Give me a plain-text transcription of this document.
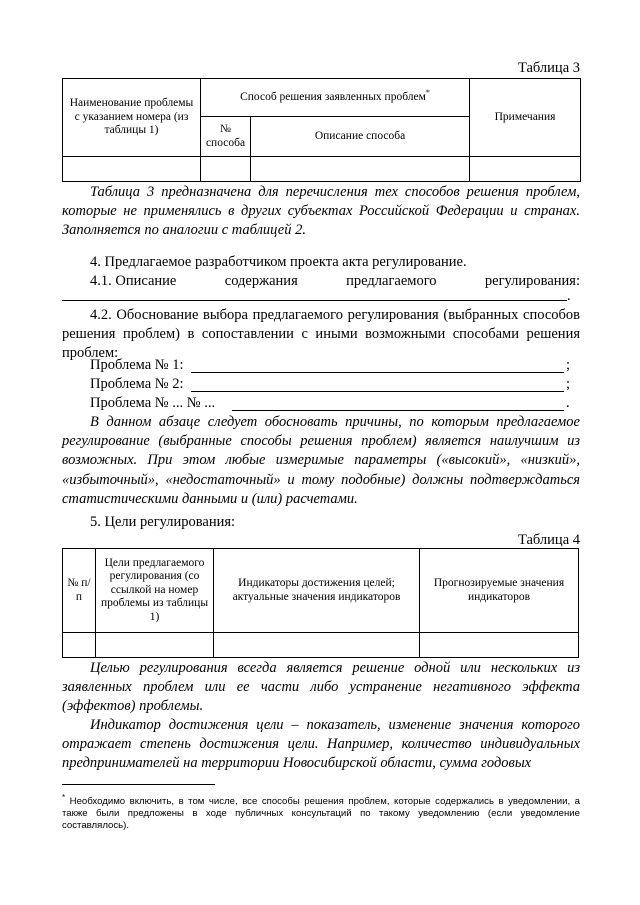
Таблица 3
Наименование проблемы с указанием номера (из таблицы 1)	Способ решения заявленных проблем*		Примечания
	№ способа	Описание способа	

Таблица 3 предназначена для перечисления тех способов решения проблем, которые не применялись в других субъектах Российской Федерации и странах. Заполняется по аналогии с таблицей 2.
4. Предлагаемое разработчиком проекта акта регулирование.
4.1. Описание	содержания	предлагаемого	регулирования:
.
4.2. Обоснование выбора предлагаемого регулирования (выбранных способов решения проблем) в сопоставлении с иными возможными способами решения проблем:
Проблема № 1:	;
Проблема № 2:	;
Проблема № ... № ...	.
В данном абзаце следует обосновать причины, по которым предлагаемое регулирование (выбранные способы решения проблем) является наилучшим из возможных. При этом любые измеримые параметры («высокий», «низкий», «избыточный», «недостаточный» и тому подобные) должны подтверждаться статистическими данными и (или) расчетами.
5. Цели регулирования:
Таблица 4
№ п/п	Цели предлагаемого регулирования (со ссылкой на номер проблемы из таблицы 1)	Индикаторы достижения целей; актуальные значения индикаторов	Прогнозируемые значения индикаторов

Целью регулирования всегда является решение одной или нескольких из заявленных проблем или ее части либо устранение негативного эффекта (эффектов) проблемы.
Индикатор достижения цели – показатель, изменение значения которого отражает степень достижения цели. Например, количество индивидуальных предпринимателей на территории Новосибирской области, сумма годовых
* Необходимо включить, в том числе, все способы решения проблем, которые содержались в уведомлении, а также были предложены в ходе публичных консультаций по такому уведомлению (если уведомление составлялось).
